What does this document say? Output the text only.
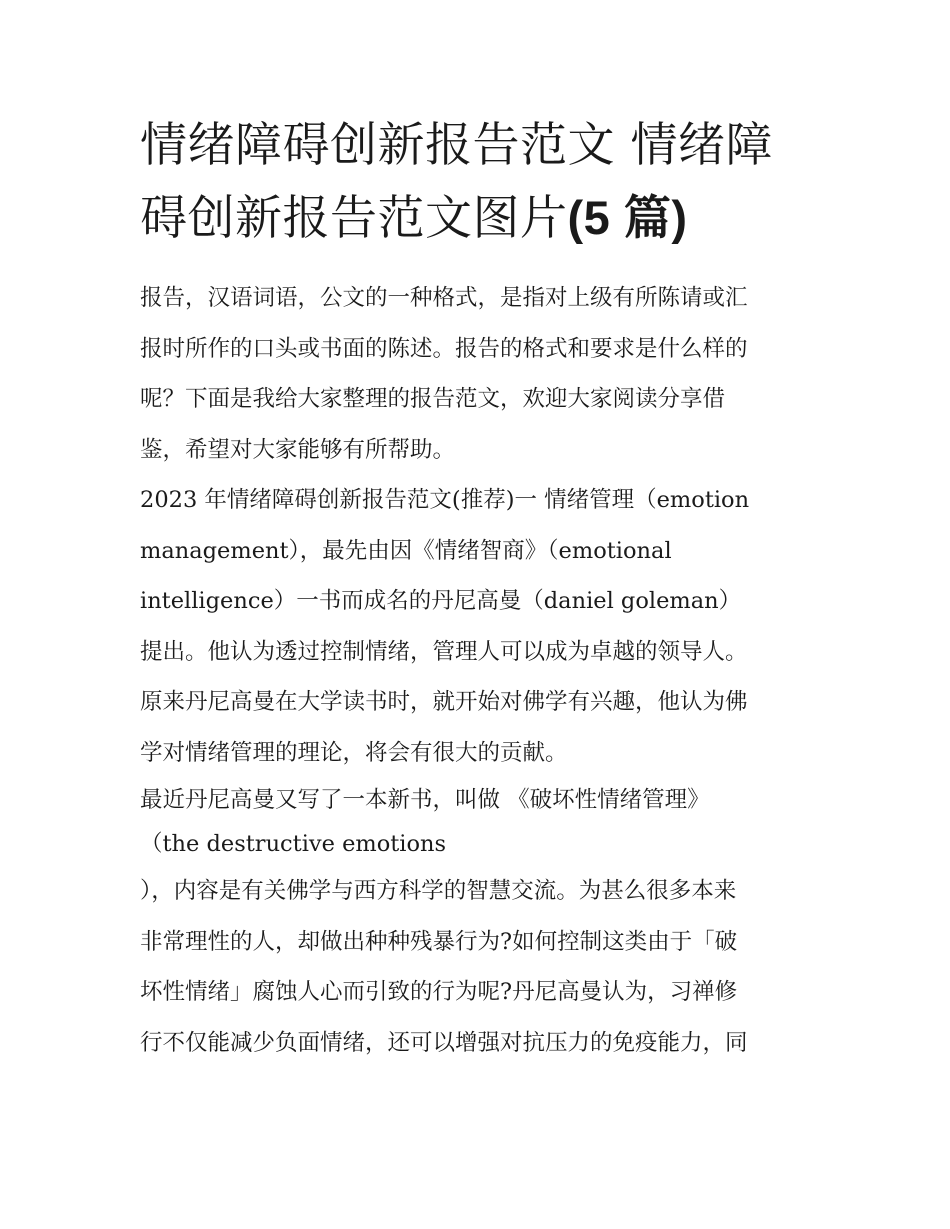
情绪障碍创新报告范文 情绪障
碍创新报告范文图片(5 篇)
报告，汉语词语，公文的一种格式，是指对上级有所陈请或汇
报时所作的口头或书面的陈述。报告的格式和要求是什么样的
呢？下面是我给大家整理的报告范文，欢迎大家阅读分享借
鉴，希望对大家能够有所帮助。
2023 年情绪障碍创新报告范文(推荐)一 情绪管理（emotion
management），最先由因《情绪智商》（emotional
intelligence）一书而成名的丹尼高曼（daniel goleman）
提出。他认为透过控制情绪，管理人可以成为卓越的领导人。
原来丹尼高曼在大学读书时，就开始对佛学有兴趣，他认为佛
学对情绪管理的理论，将会有很大的贡献。
最近丹尼高曼又写了一本新书，叫做 《破坏性情绪管理》
（the destructive emotions
），内容是有关佛学与西方科学的智慧交流。为甚么很多本来
非常理性的人，却做出种种残暴行为?如何控制这类由于「破
坏性情绪」腐蚀人心而引致的行为呢?丹尼高曼认为，习禅修
行不仅能减少负面情绪，还可以增强对抗压力的免疫能力，同
